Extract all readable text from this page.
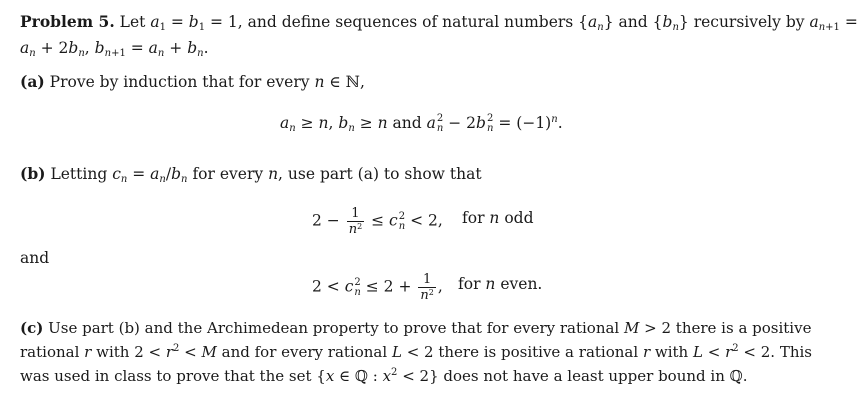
Problem 5. Let $a_1 = b_1 = 1$, and define sequences of natural numbers $\{a_n\}$ and $\{b_n\}$ recursively by $a_{n+1}$ =
$a_n + 2b_n$, $b_{n+1} = a_n + b_n$.
(a) Prove by induction that for every n ∈ ℕ,
$a_n \ge n$, $b_n \ge n$ and a 2
n − 2b 2
$n = (-1)^n$.
(b) Letting $c_n = a_n/b_n$ for every n, use part (a) to show that
$2 - \frac{1}{n^2} \le c$ 2
n < 2, for n odd
and
2 < c 2
$n \le 2 + \frac{1}{n^2}$ , for n even.
(c) Use part (b) and the Archimedean property to prove that for every rational M > 2 there is a positive
rational r with $2 < r^2 < M$ and for every rational L < 2 there is positive a rational r with $L < r^2 < 2$. This
was used in class to prove that the set {x ∈ ℚ : $x^2 < 2$} does not have a least upper bound in ℚ.
